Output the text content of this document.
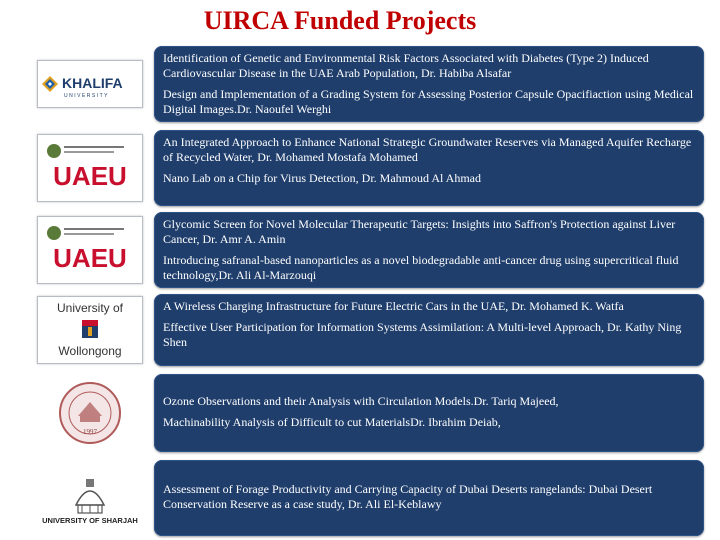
UIRCA Funded Projects
KHALIFA
UNIVERSITY
Identification of Genetic and Environmental Risk Factors Associated with Diabetes (Type 2) Induced Cardiovascular Disease in the UAE Arab Population, Dr. Habiba Alsafar
Design and Implementation of a Grading System for Assessing Posterior Capsule Opacifiaction using Medical Digital Images.Dr. Naoufel Werghi
UAEU
An Integrated Approach to Enhance National Strategic Groundwater Reserves via Managed Aquifer Recharge of Recycled Water, Dr. Mohamed Mostafa Mohamed
Nano Lab on a Chip for Virus Detection, Dr. Mahmoud Al Ahmad
UAEU
Glycomic Screen for Novel Molecular Therapeutic Targets: Insights into Saffron's Protection against Liver Cancer, Dr. Amr A. Amin
Introducing safranal-based nanoparticles as a novel biodegradable anti-cancer drug using supercritical fluid technology,Dr. Ali Al-Marzouqi
University of
Wollongong
A Wireless Charging Infrastructure for Future Electric Cars in the UAE, Dr. Mohamed K. Watfa
Effective User Participation for Information Systems Assimilation: A Multi-level Approach, Dr. Kathy Ning Shen
1997
Ozone Observations and their Analysis with Circulation Models.Dr. Tariq Majeed,
Machinability Analysis of Difficult to cut MaterialsDr. Ibrahim Deiab,
UNIVERSITY OF SHARJAH
Assessment of Forage Productivity and Carrying Capacity of Dubai Deserts rangelands: Dubai Desert Conservation Reserve as a case study, Dr. Ali El-Keblawy
